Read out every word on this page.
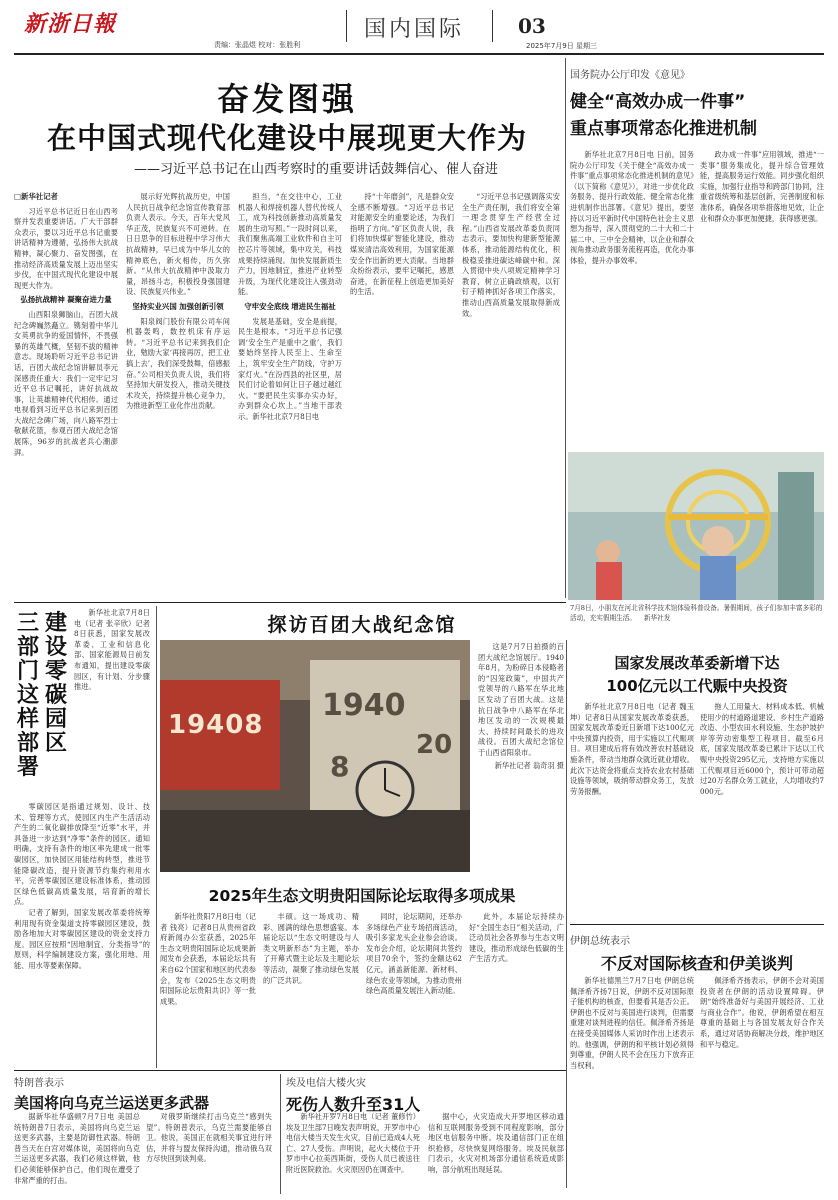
新浙日報
责编：张晶煜 校对：张胜利
国内国际	03
2025年7月9日 星期三
奋发图强
在中国式现代化建设中展现更大作为
——习近平总书记在山西考察时的重要讲话鼓舞信心、催人奋进
□新华社记者

习近平总书记近日在山西考察并发表重要讲话。广大干部群众表示，要以习近平总书记重要讲话精神为遵循，弘扬伟大抗战精神，凝心聚力、奋发图强，在推动经济高质量发展上迈出坚实步伐，在中国式现代化建设中展现更大作为。

弘扬抗战精神 凝聚奋进力量

山西阳泉狮脑山，百团大战纪念碑巍然矗立。镌刻着中华儿女英勇抗争的爱国情怀，不畏强暴的英雄气概，坚韧不拔的精神意志。现场聆听习近平总书记讲话，百团大战纪念馆讲解员李元深感责任重大：我们一定牢记习近平总书记嘱托，讲好抗战故事，让英雄精神代代相传。通过电视看到习近平总书记来到百团大战纪念碑广场，向八路军烈士敬献花篮，参观百团大战纪念馆展陈，96岁的抗战老兵心潮澎湃。

展示好光辉抗战历史，中国人民抗日战争纪念馆宣传教育部负责人表示。今天，百年大党风华正茂，民族复兴不可逆转。在日日思争的目标进程中学习伟大抗战精神，早已成为中华儿女的精神底色，新火相传，历久弥新。“从伟大抗战精神中汲取力量，昂扬斗志，积极投身强国建设、民族复兴伟业。”

坚持实业兴国 加强创新引领

阳泉阀门股份有限公司车间机器轰鸣，数控机床有序运转。“习近平总书记来到我们企业，勉励大家‘再接再厉，把工业搞上去’，我们深受鼓舞，倍感振奋。”公司相关负责人说，我们将坚持加大研发投入，推动关键技术攻关，持续提升核心竞争力，为推进新型工业化作出贡献。

担当，“在交往中心，工业机器人和焊接机器人替代传统人工，成为科技创新推动高质量发展的生动写照。”一段时间以来，我们聚焦高端工业软件和自主可控芯片等领域，集中攻关，科技成果持续涌现。加快发展新质生产力，因地制宜，推进产业转型升级，为现代化建设注入强劲动能。

守牢安全底线 增进民生福祉

发展是基础，安全是前提，民生是根本。“习近平总书记强调‘安全生产是重中之重’，我们要始终坚持人民至上、生命至上，筑牢安全生产防线，守护万家灯火。”在汾西县的社区里，居民们讨论着如何让日子越过越红火。“要把民生实事办实办好，办到群众心坎上。”当地干部表示。新华社北京7月8日电

持“十年磨剑”，凡是群众安全感不断增强。“习近平总书记对能源安全的重要论述，为我们指明了方向。”矿区负责人说，我们将加快煤矿智能化建设，推动煤炭清洁高效利用，为国家能源安全作出新的更大贡献。当地群众纷纷表示，要牢记嘱托，感恩奋进，在新征程上创造更加美好的生活。

“习近平总书记强调落实安全生产责任制，我们将安全第一理念贯穿生产经营全过程。”山西省发展改革委负责同志表示，要加快构建新型能源体系，推动能源结构优化，积极稳妥推进碳达峰碳中和。深入贯彻中央八项规定精神学习教育，树立正确政绩观，以钉钉子精神抓好各项工作落实，推动山西高质量发展取得新成效。

国务院办公厅印发《意见》
健全“高效办成一件事”
重点事项常态化推进机制

新华社北京7月8日电 日前，国务院办公厅印发《关于健全“高效办成一件事”重点事项常态化推进机制的意见》（以下简称《意见》），对进一步优化政务服务、提升行政效能、健全常态化推进机制作出部署。《意见》提出，要坚持以习近平新时代中国特色社会主义思想为指导，深入贯彻党的二十大和二十届二中、三中全会精神，以企业和群众视角推动政务服务流程再造，优化办事体验，提升办事效率。

政办成一件事”应用领域，推进“一类事”服务集成化，提升综合管理效能，提高服务运行效能。同步强化组织实施，加强行业指导和跨部门协同，注重省级统筹和基层创新，完善制度和标准体系，确保各项举措落地见效，让企业和群众办事更加便捷，获得感更强。

7月8日，小朋友在河北省科学技术馆体验科普设备。暑假期间，孩子们参加丰富多彩的活动，充实假期生活。 新华社发
三
部
门
这
样
部
署
建
设
零
碳
园
区

新华社北京7月8日电（记者 张辛欣）记者8日获悉，国家发展改革委、工业和信息化部、国家能源局日前发布通知，提出建设零碳园区，有计划、分步骤推进。

零碳园区是指通过规划、设计、技术、管理等方式，使园区内生产生活活动产生的二氧化碳排放降至“近零”水平，并具备进一步达到“净零”条件的园区。通知明确，支持有条件的地区率先建成一批零碳园区，加快园区用能结构转型，推进节能降碳改造，提升资源节约集约利用水平，完善零碳园区建设标准体系，推动园区绿色低碳高质量发展，培育新的增长点。

记者了解到，国家发展改革委将统筹利用现有资金渠道支持零碳园区建设，鼓励各地加大对零碳园区建设的资金支持力度。园区应按照“因地制宜、分类指导”的原则，科学编制建设方案，强化用地、用能、用水等要素保障。

探访百团大战纪念馆
19408
1940
8
20

这是7月7日拍摄的百团大战纪念馆展厅。1940年8月，为粉碎日本侵略者的“囚笼政策”，中国共产党领导的八路军在华北地区发动了百团大战。这是抗日战争中八路军在华北地区发动的一次规模最大、持续时间最长的进攻战役。百团大战纪念馆位于山西省阳泉市。

新华社记者 翁奇羽 摄
2025年生态文明贵阳国际论坛取得多项成果

新华社贵阳7月8日电（记者 钱亮）记者8日从贵州省政府新闻办公室获悉，2025年生态文明贵阳国际论坛成果新闻发布会获悉，本届论坛共有来自62个国家和地区的代表参会，发布《2025生态文明贵阳国际论坛贵阳共识》等一批成果。

丰硕。这一场成功、精彩、圆满的绿色思想盛宴。本届论坛以“生态文明建设与人类文明新形态”为主题，举办了开幕式暨主论坛及主题论坛等活动，凝聚了推动绿色发展的广泛共识。

同时，论坛期间，还举办多场绿色产业专场招商活动，吸引多家龙头企业参会洽谈。发布会介绍，论坛期间共签约项目70余个，签约金额达62亿元，涵盖新能源、新材料、绿色农业等领域，为推动贵州绿色高质量发展注入新动能。

此外，本届论坛持续办好“全国生态日”相关活动，广泛动员社会各界参与生态文明建设，推动形成绿色低碳的生产生活方式。

国家发展改革委新增下达
100亿元以工代赈中央投资

新华社北京7月8日电（记者 魏玉坤）记者8日从国家发展改革委获悉，国家发展改革委近日新增下达100亿元中央预算内投资，用于实施以工代赈项目。项目建成后将有效改善农村基础设施条件，带动当地群众就近就业增收。此次下达资金将重点支持农业农村基础设施等领域，吸纳带动群众务工，发放劳务报酬。

拖人工用量大、材料成本低、机械使用少的村道路道建设、乡村生产道路改造、小型农田水利设施、生态护坡护岸等劳动密集型工程项目。截至6月底，国家发展改革委已累计下达以工代赈中央投资295亿元，支持地方实施以工代赈项目近6000个，预计可带动超过20万名群众务工就业，人均增收约7000元。

伊朗总统表示
不反对国际核查和伊美谈判

新华社德黑兰7月7日电 伊朗总统佩泽希齐扬7日说，伊朗不反对国际原子能机构的核查，但要看其是否公正。伊朗也不反对与美国进行谈判，但需要重建对谈判进程的信任。佩泽希齐扬是在接受美国媒体人采访时作出上述表示的。他强调，伊朗的和平核计划必须得到尊重，伊朗人民不会在压力下放弃正当权利。

佩泽希齐扬表示，伊朗不会对美国投资者在伊朗的活动设置障碍。伊朗“始终准备好与美国开展经济、工业与商业合作”。他说，伊朗希望在相互尊重的基础上与各国发展友好合作关系，通过对话协商解决分歧，维护地区和平与稳定。

特朗普表示
美国将向乌克兰运送更多武器

据新华社华盛顿7月7日电 美国总统特朗普7日表示，美国将向乌克兰运送更多武器，主要是防御性武器。特朗普当天在白宫对媒体说，美国将向乌克兰运送更多武器，我们必须这样做，他们必须能够保护自己，他们现在遭受了非常严重的打击。

对俄罗斯继续打击乌克兰“感到失望”。特朗普表示，乌克兰需要能够自卫。他说，美国正在就相关事宜进行评估，并将与盟友保持沟通，推动俄乌双方尽快回到谈判桌。

埃及电信大楼火灾
死伤人数升至31人

新华社开罗7月8日电（记者 董修竹）埃及卫生部7日晚发表声明说，开罗市中心电信大楼当天发生火灾，目前已造成4人死亡、27人受伤。声明说，起火大楼位于开罗市中心拉美西斯街，受伤人员已被送往附近医院救治。火灾原因仍在调查中。

据中心，火灾造成大开罗地区移动通信和互联网服务受到不同程度影响，部分地区电信服务中断。埃及通信部门正在组织抢修，尽快恢复网络服务。埃及民航部门表示，火灾对机场部分通信系统造成影响，部分航班出现延误。
